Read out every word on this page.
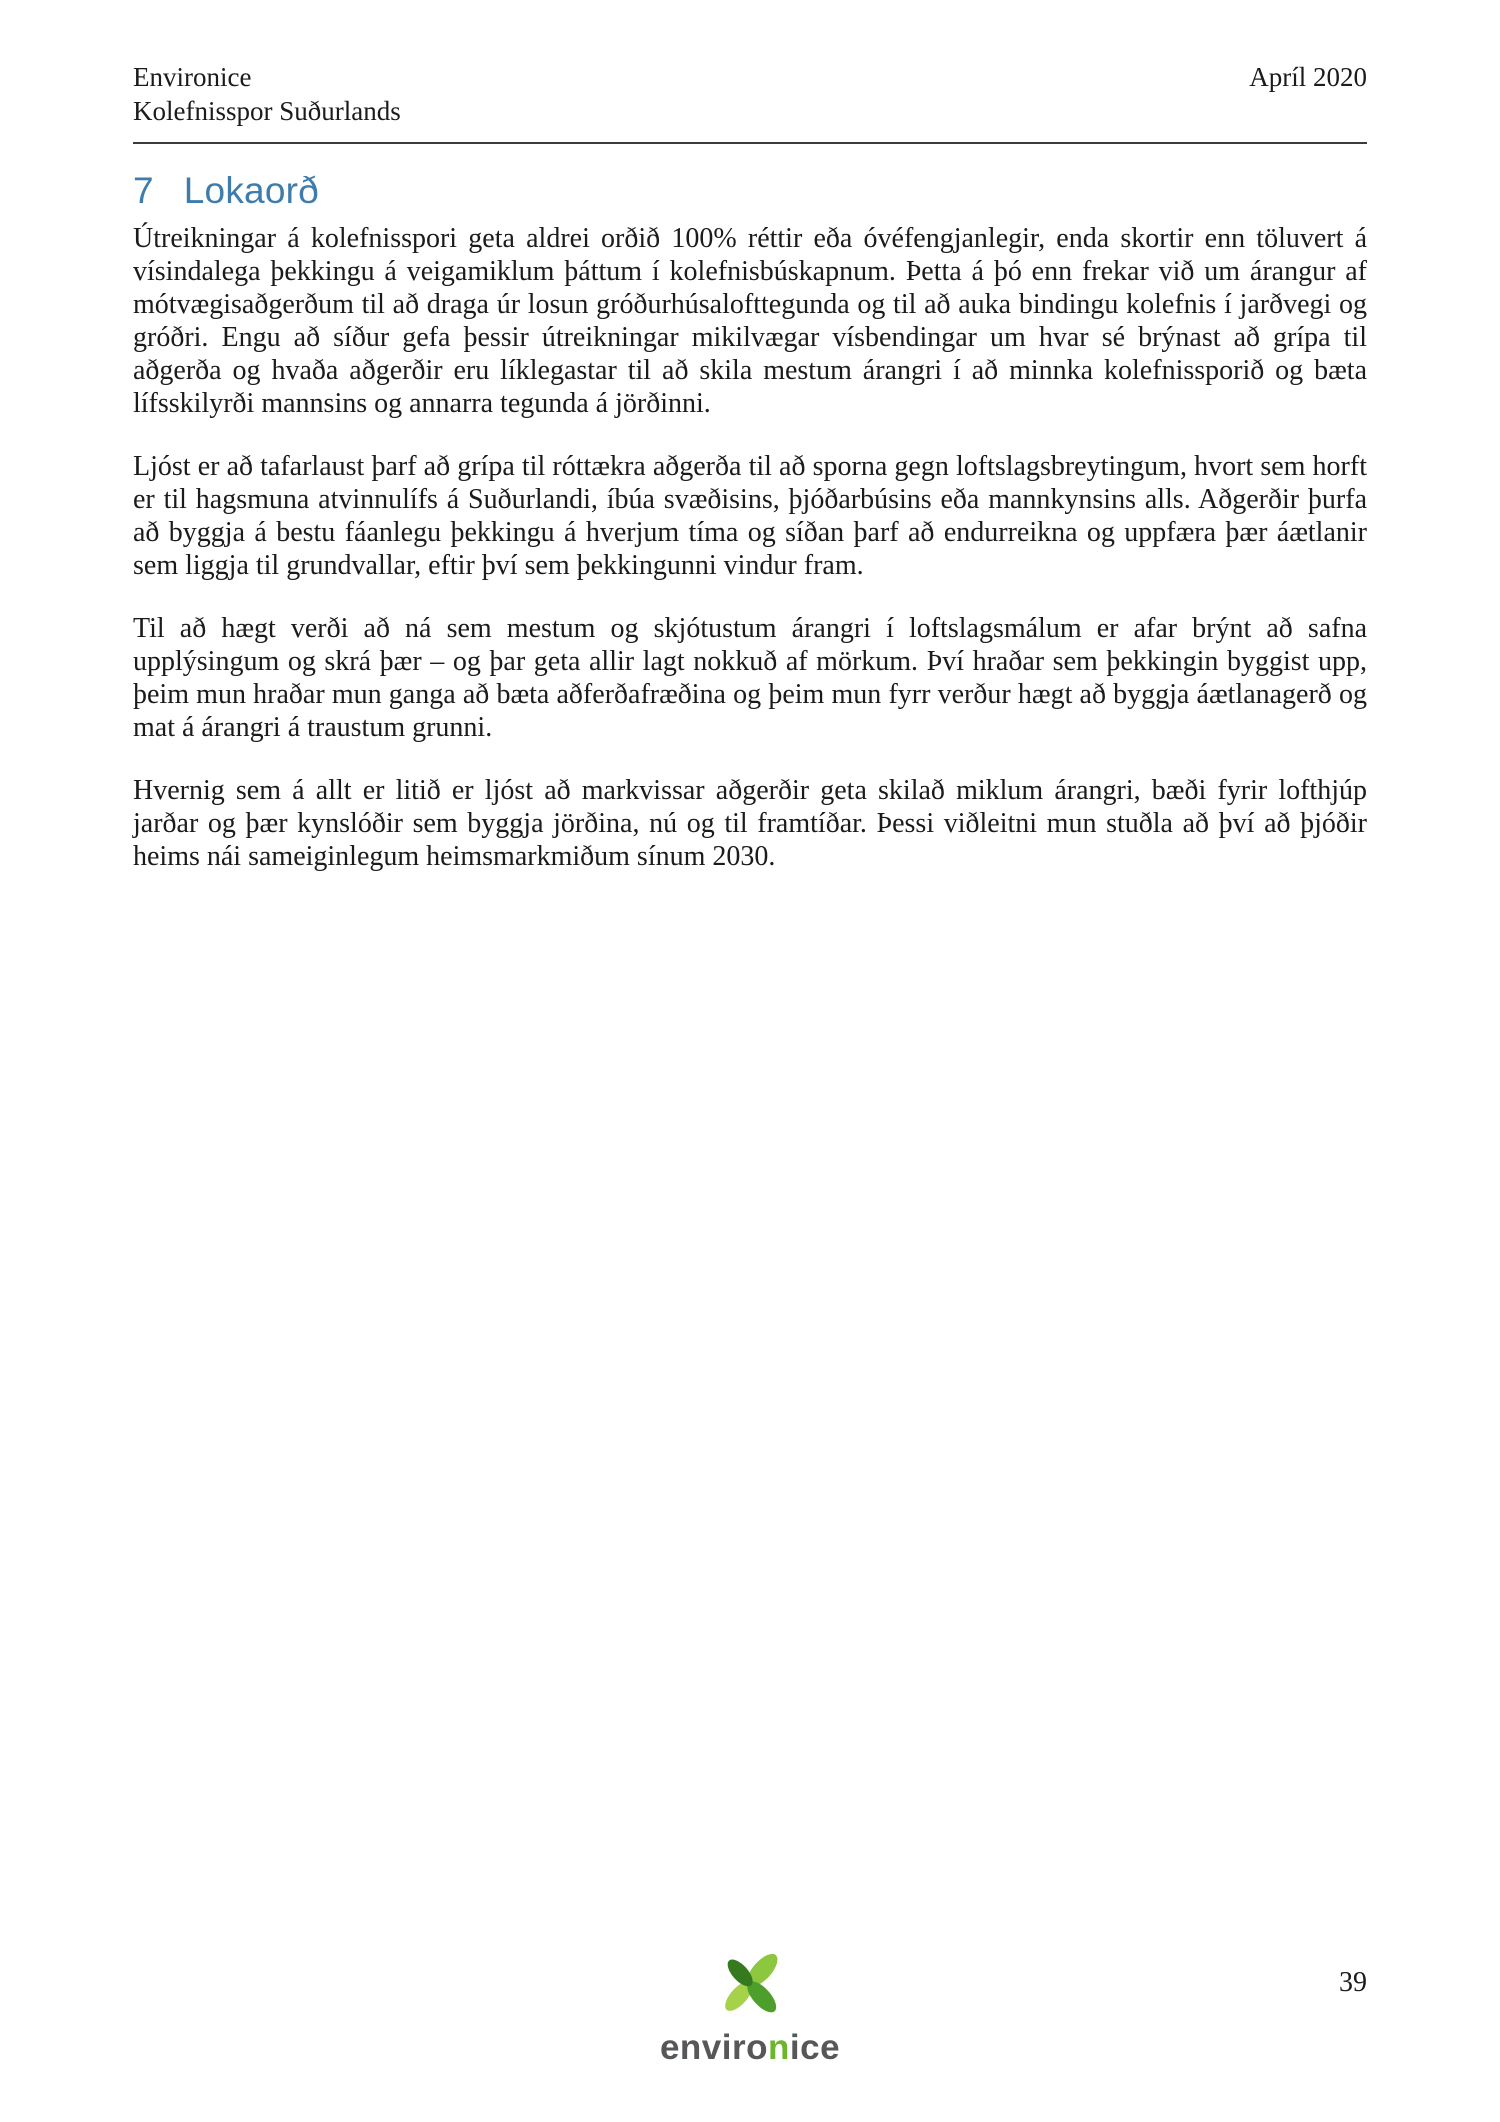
Environice
Kolefnisspor Suðurlands
Apríl 2020
7 Lokaorð

Útreikningar á kolefnisspori geta aldrei orðið 100% réttir eða óvéfengjanlegir, enda skortir enn töluvert á vísindalega þekkingu á veigamiklum þáttum í kolefnisbúskapnum. Þetta á þó enn frekar við um árangur af mótvægisaðgerðum til að draga úr losun gróðurhúsalofttegunda og til að auka bindingu kolefnis í jarðvegi og gróðri. Engu að síður gefa þessir útreikningar mikilvægar vísbendingar um hvar sé brýnast að grípa til aðgerða og hvaða aðgerðir eru líklegastar til að skila mestum árangri í að minnka kolefnissporið og bæta lífsskilyrði mannsins og annarra tegunda á jörðinni.

Ljóst er að tafarlaust þarf að grípa til róttækra aðgerða til að sporna gegn loftslagsbreytingum, hvort sem horft er til hagsmuna atvinnulífs á Suðurlandi, íbúa svæðisins, þjóðarbúsins eða mannkynsins alls. Aðgerðir þurfa að byggja á bestu fáanlegu þekkingu á hverjum tíma og síðan þarf að endurreikna og uppfæra þær áætlanir sem liggja til grundvallar, eftir því sem þekkingunni vindur fram.

Til að hægt verði að ná sem mestum og skjótustum árangri í loftslagsmálum er afar brýnt að safna upplýsingum og skrá þær – og þar geta allir lagt nokkuð af mörkum. Því hraðar sem þekkingin byggist upp, þeim mun hraðar mun ganga að bæta aðferðafræðina og þeim mun fyrr verður hægt að byggja áætlanagerð og mat á árangri á traustum grunni.

Hvernig sem á allt er litið er ljóst að markvissar aðgerðir geta skilað miklum árangri, bæði fyrir lofthjúp jarðar og þær kynslóðir sem byggja jörðina, nú og til framtíðar. Þessi viðleitni mun stuðla að því að þjóðir heims nái sameiginlegum heimsmarkmiðum sínum 2030.

environice
39
